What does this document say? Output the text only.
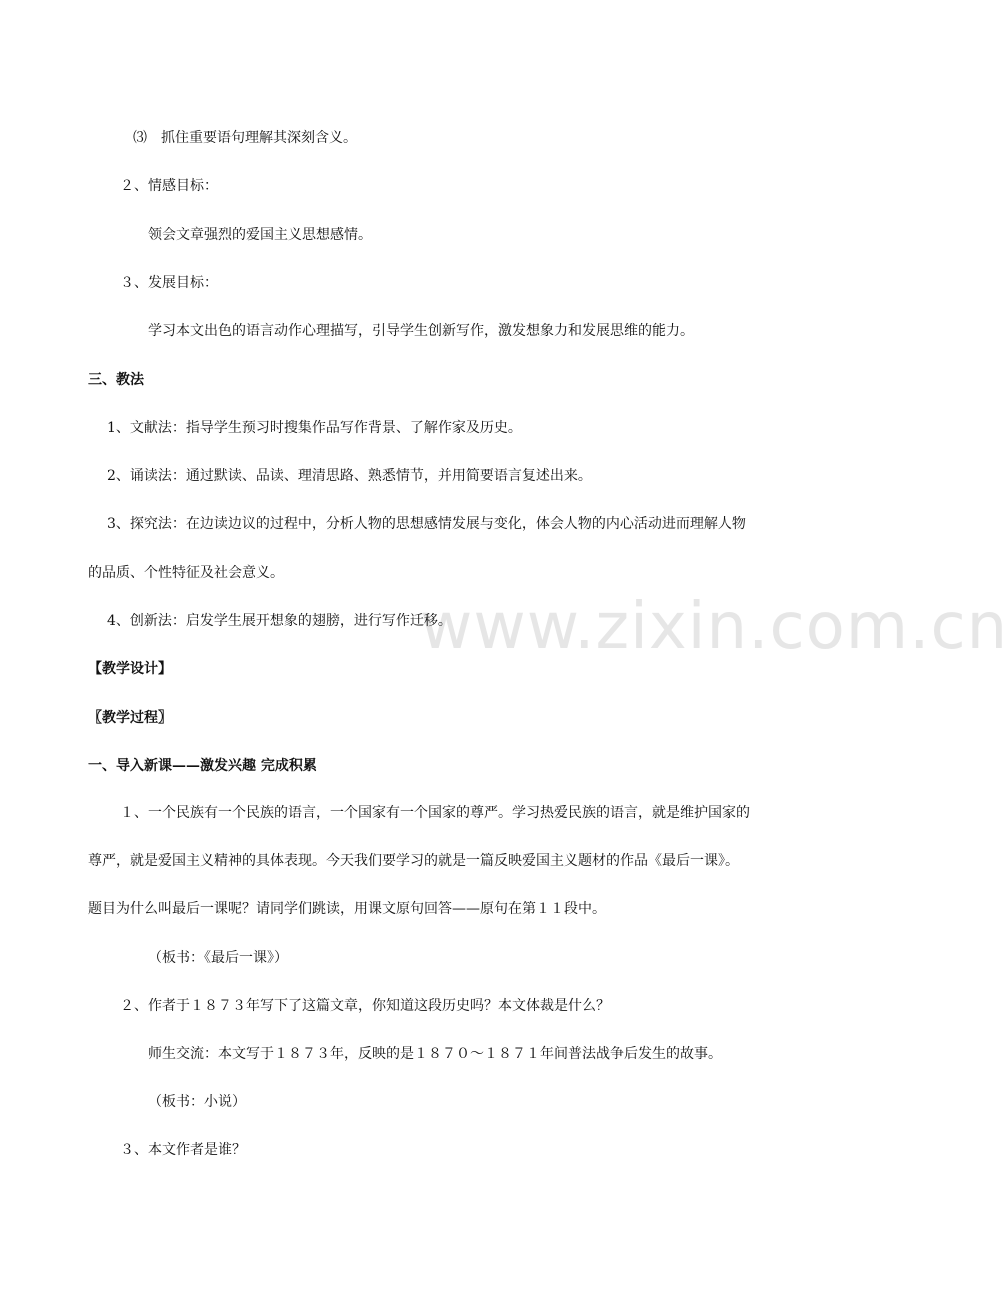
www.zixin.com.cn
⑶　抓住重要语句理解其深刻含义。
２、情感目标：
领会文章强烈的爱国主义思想感情。
３、发展目标：
学习本文出色的语言动作心理描写，引导学生创新写作，激发想象力和发展思维的能力。
三、教法
1、文献法：指导学生预习时搜集作品写作背景、了解作家及历史。
2、诵读法：通过默读、品读、理清思路、熟悉情节，并用简要语言复述出来。
3、探究法：在边读边议的过程中，分析人物的思想感情发展与变化，体会人物的内心活动进而理解人物
的品质、个性特征及社会意义。
4、创新法：启发学生展开想象的翅膀，进行写作迁移。
【教学设计】
〖教学过程〗
一、导入新课——激发兴趣 完成积累
１、一个民族有一个民族的语言，一个国家有一个国家的尊严。学习热爱民族的语言，就是维护国家的
尊严，就是爱国主义精神的具体表现。今天我们要学习的就是一篇反映爱国主义题材的作品《最后一课》。
题目为什么叫最后一课呢？请同学们跳读，用课文原句回答——原句在第１１段中。
（板书：《最后一课》）
２、作者于１８７３年写下了这篇文章，你知道这段历史吗？本文体裁是什么？
师生交流：本文写于１８７３年，反映的是１８７０～１８７１年间普法战争后发生的故事。
（板书：小说）
３、本文作者是谁？
